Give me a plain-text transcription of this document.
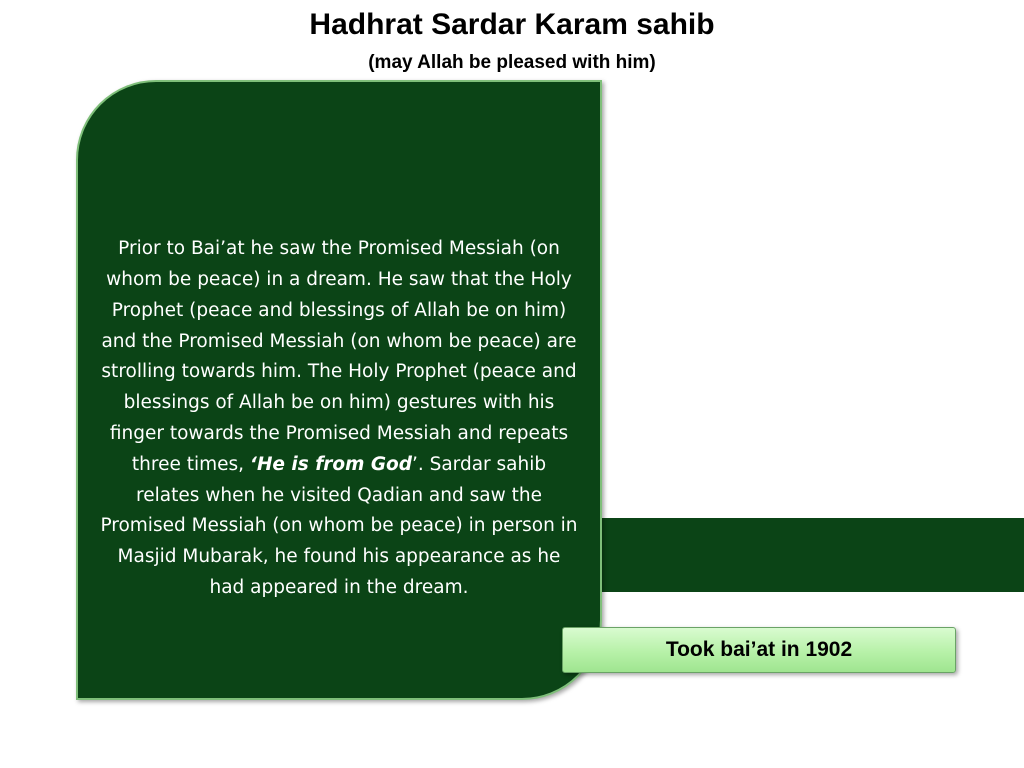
Hadhrat Sardar Karam sahib
(may Allah be pleased with him)

Prior to Bai’at he saw the Promised Messiah (on whom be peace) in a dream. He saw that the Holy Prophet (peace and blessings of Allah be on him) and the Promised Messiah (on whom be peace) are strolling towards him. The Holy Prophet (peace and blessings of Allah be on him) gestures with his finger towards the Promised Messiah and repeats three times, ‘He is from God’. Sardar sahib relates when he visited Qadian and saw the Promised Messiah (on whom be peace) in person in Masjid Mubarak, he found his appearance as he had appeared in the dream.

Took bai’at in 1902
